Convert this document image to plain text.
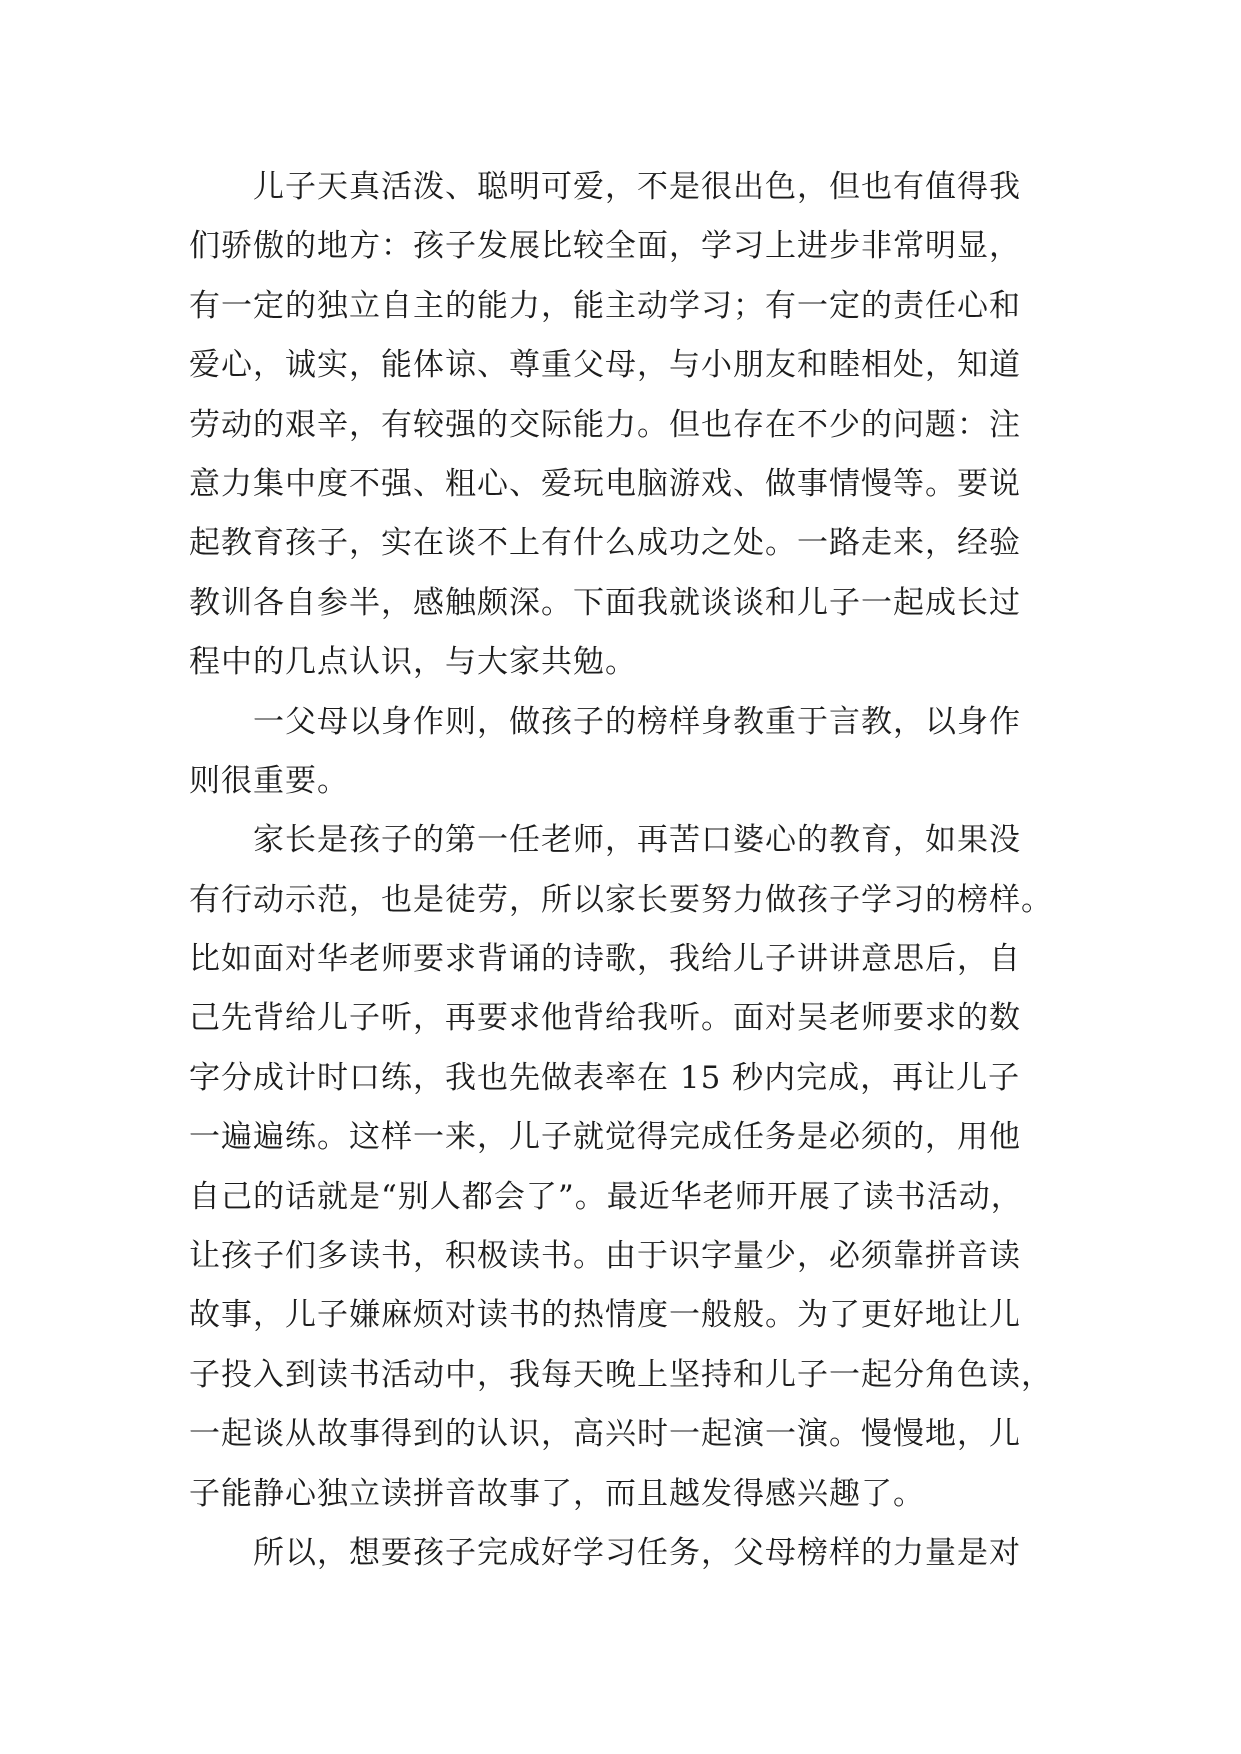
　　儿子天真活泼、聪明可爱，不是很出色，但也有值得我
们骄傲的地方：孩子发展比较全面，学习上进步非常明显，
有一定的独立自主的能力，能主动学习；有一定的责任心和
爱心，诚实，能体谅、尊重父母，与小朋友和睦相处，知道
劳动的艰辛，有较强的交际能力。但也存在不少的问题：注
意力集中度不强、粗心、爱玩电脑游戏、做事情慢等。要说
起教育孩子，实在谈不上有什么成功之处。一路走来，经验
教训各自参半，感触颇深。下面我就谈谈和儿子一起成长过
程中的几点认识，与大家共勉。

　　一父母以身作则，做孩子的榜样身教重于言教，以身作
则很重要。

　　家长是孩子的第一任老师，再苦口婆心的教育，如果没
有行动示范，也是徒劳，所以家长要努力做孩子学习的榜样。
比如面对华老师要求背诵的诗歌，我给儿子讲讲意思后，自
己先背给儿子听，再要求他背给我听。面对吴老师要求的数
字分成计时口练，我也先做表率在 15 秒内完成，再让儿子
一遍遍练。这样一来，儿子就觉得完成任务是必须的，用他
自己的话就是“别人都会了”。最近华老师开展了读书活动，
让孩子们多读书，积极读书。由于识字量少，必须靠拼音读
故事，儿子嫌麻烦对读书的热情度一般般。为了更好地让儿
子投入到读书活动中，我每天晚上坚持和儿子一起分角色读，
一起谈从故事得到的认识，高兴时一起演一演。慢慢地，儿
子能静心独立读拼音故事了，而且越发得感兴趣了。

　　所以，想要孩子完成好学习任务，父母榜样的力量是对
